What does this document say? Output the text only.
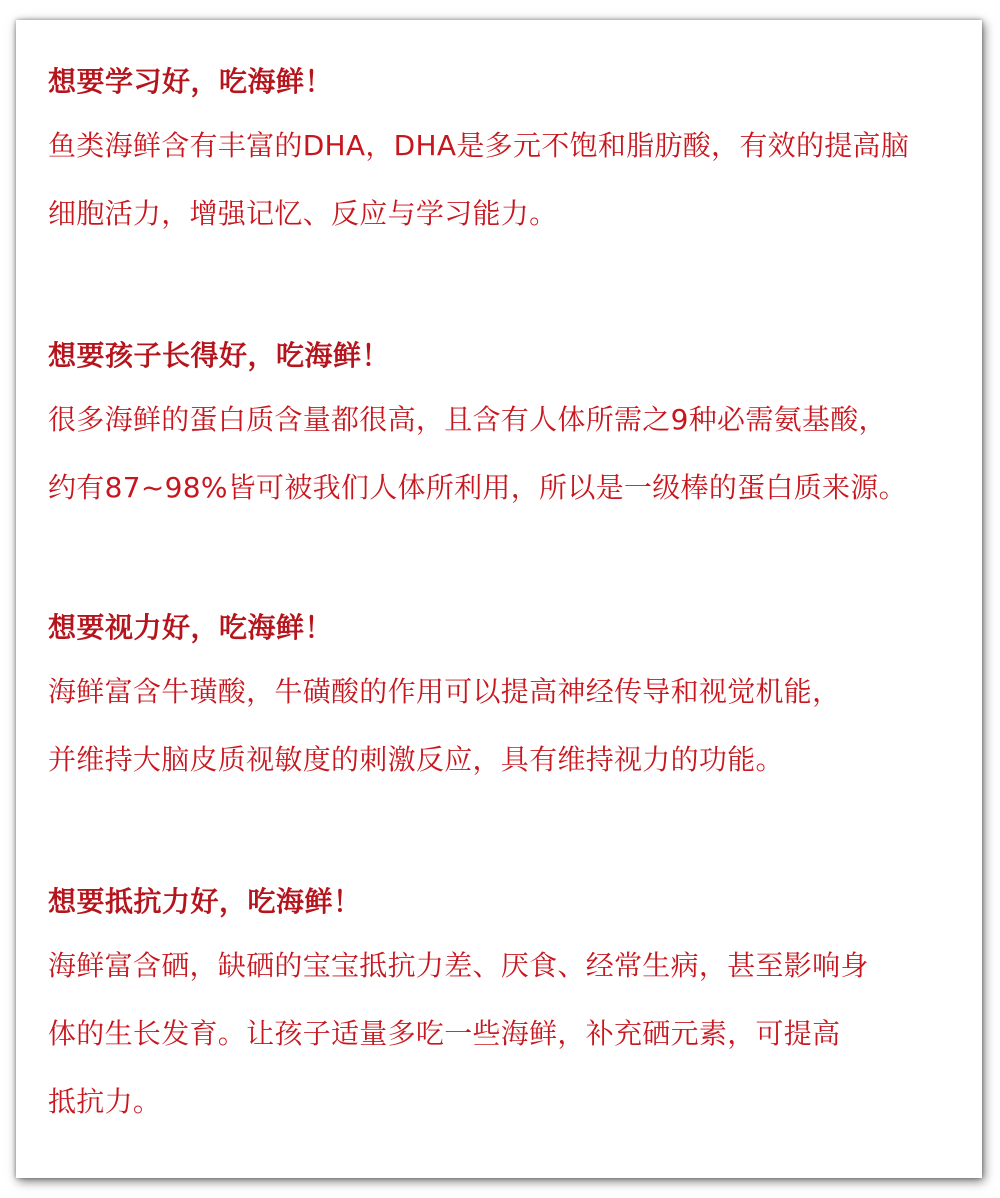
想要学习好，吃海鲜！

鱼类海鲜含有丰富的DHA，DHA是多元不饱和脂肪酸，有效的提高脑

细胞活力，增强记忆、反应与学习能力。

想要孩子长得好，吃海鲜！

很多海鲜的蛋白质含量都很高，且含有人体所需之9种必需氨基酸，

约有87~98%皆可被我们人体所利用，所以是一级棒的蛋白质来源。

想要视力好，吃海鲜！

海鲜富含牛璜酸，牛磺酸的作用可以提高神经传导和视觉机能，

并维持大脑皮质视敏度的刺激反应，具有维持视力的功能。

想要抵抗力好，吃海鲜！

海鲜富含硒，缺硒的宝宝抵抗力差、厌食、经常生病，甚至影响身

体的生长发育。让孩子适量多吃一些海鲜，补充硒元素，可提高

抵抗力。
